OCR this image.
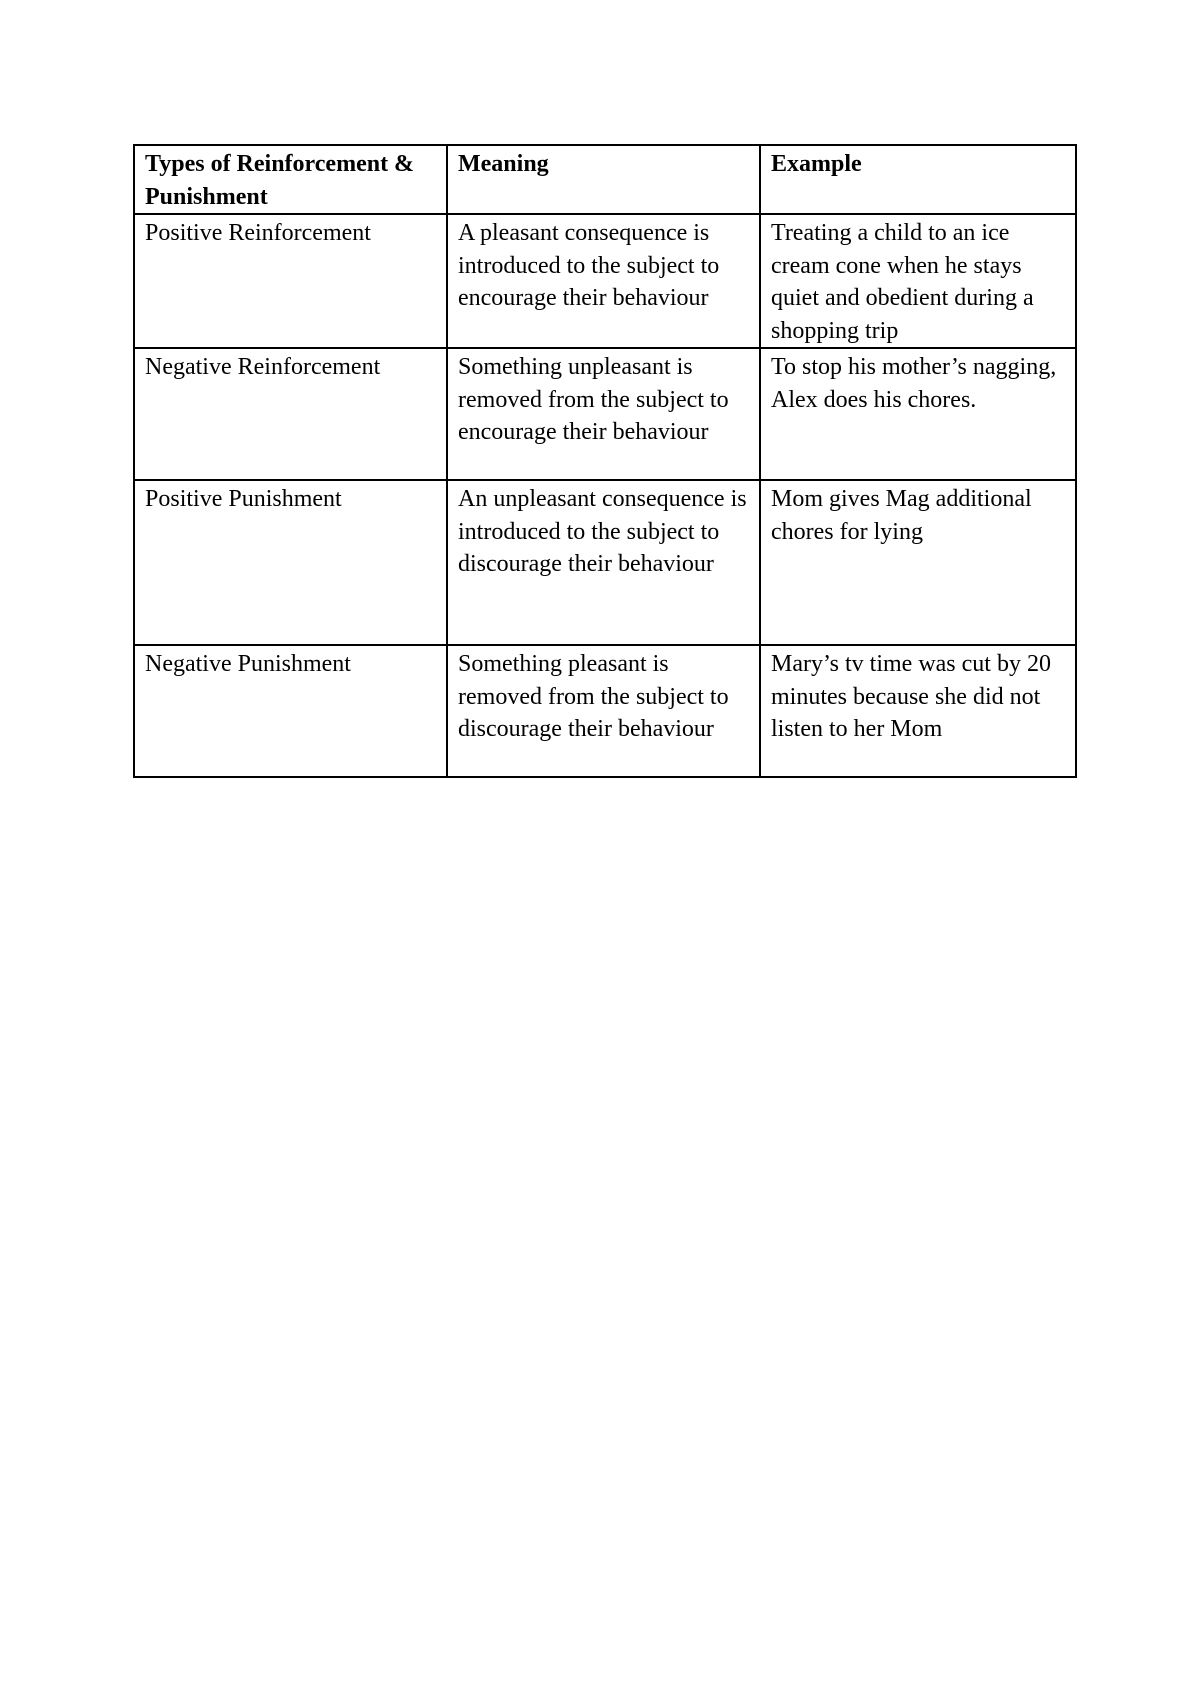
Types of Reinforcement & Punishment	Meaning	Example
Positive Reinforcement	A pleasant consequence is introduced to the subject to encourage their behaviour	Treating a child to an ice cream cone when he stays quiet and obedient during a shopping trip
Negative Reinforcement	Something unpleasant is removed from the subject to encourage their behaviour	To stop his mother’s nagging, Alex does his chores.
Positive Punishment	An unpleasant consequence is introduced to the subject to discourage their behaviour	Mom gives Mag additional chores for lying
Negative Punishment	Something pleasant is removed from the subject to discourage their behaviour	Mary’s tv time was cut by 20 minutes because she did not listen to her Mom
